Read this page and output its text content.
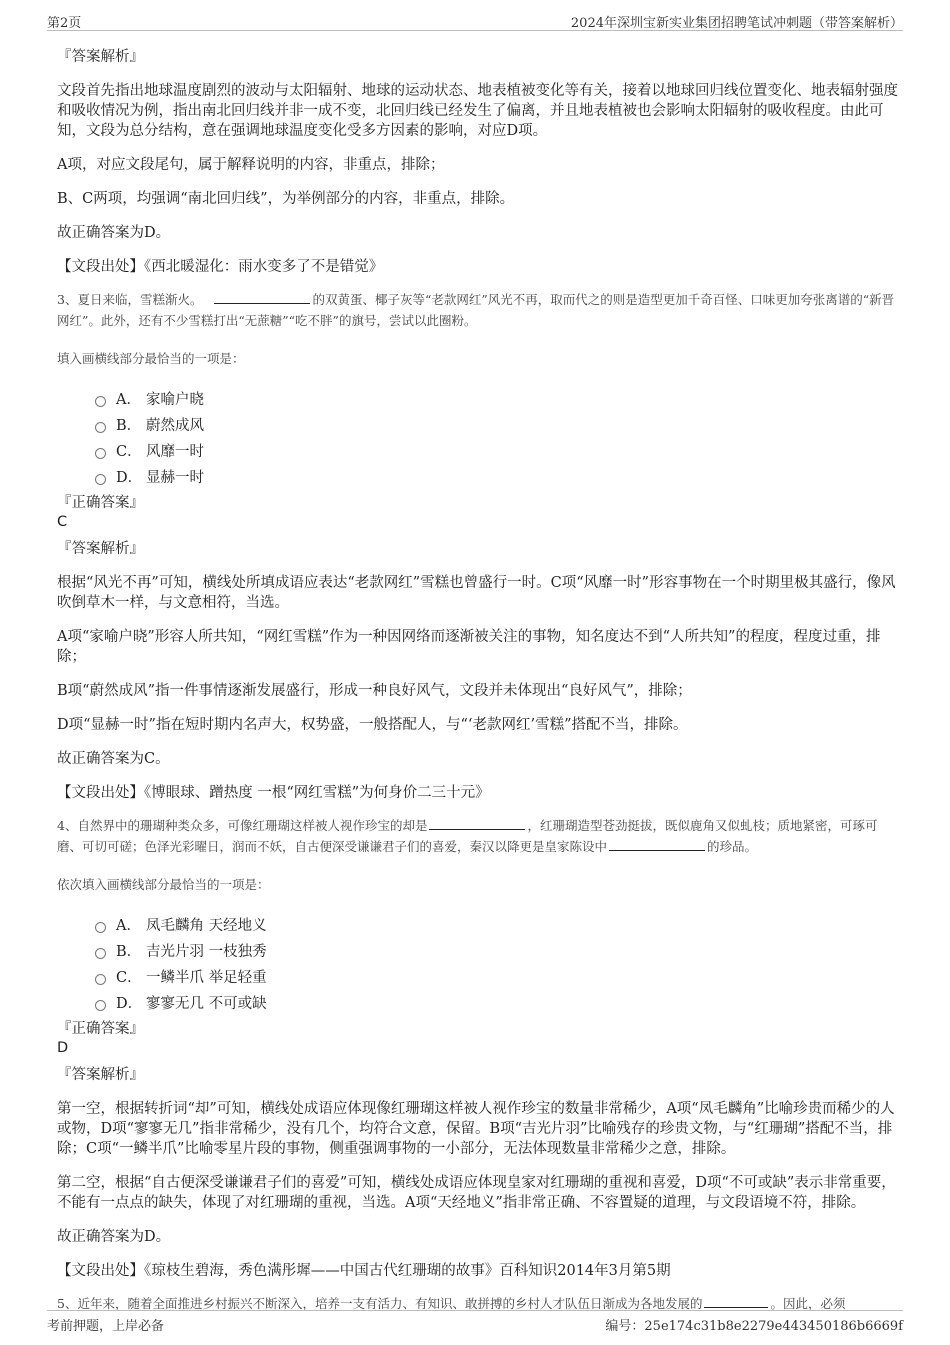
第2页	2024年深圳宝新实业集团招聘笔试冲刺题（带答案解析）
『答案解析』

文段首先指出地球温度剧烈的波动与太阳辐射、地球的运动状态、地表植被变化等有关，接着以地球回归线位置变化、地表辐射强度和吸收情况为例，指出南北回归线并非一成不变，北回归线已经发生了偏离，并且地表植被也会影响太阳辐射的吸收程度。由此可知，文段为总分结构，意在强调地球温度变化受多方因素的影响，对应D项。

A项，对应文段尾句，属于解释说明的内容，非重点，排除；

B、C两项，均强调“南北回归线”，为举例部分的内容，非重点，排除。

故正确答案为D。

【文段出处】《西北暖湿化：雨水变多了不是错觉》

3、夏日来临，雪糕渐火。	的双黄蛋、椰子灰等“老款网红”风光不再，取而代之的则是造型更加千奇百怪、口味更加夸张离谱的“新晋网红”。此外，还有不少雪糕打出“无蔗糖”“吃不胖”的旗号，尝试以此圈粉。

填入画横线部分最恰当的一项是：

A． 家喻户晓
B． 蔚然成风
C． 风靡一时
D． 显赫一时
『正确答案』
C
『答案解析』

根据“风光不再”可知，横线处所填成语应表达“老款网红”雪糕也曾盛行一时。C项“风靡一时”形容事物在一个时期里极其盛行，像风吹倒草木一样，与文意相符，当选。

A项“家喻户晓”形容人所共知，“网红雪糕”作为一种因网络而逐渐被关注的事物，知名度达不到“人所共知”的程度，程度过重，排除；

B项“蔚然成风”指一件事情逐渐发展盛行，形成一种良好风气，文段并未体现出“良好风气”，排除；

D项“显赫一时”指在短时期内名声大，权势盛，一般搭配人，与“‘老款网红’雪糕”搭配不当，排除。

故正确答案为C。

【文段出处】《博眼球、蹭热度 一根“网红雪糕”为何身价二三十元》

4、自然界中的珊瑚种类众多，可像红珊瑚这样被人视作珍宝的却是	，红珊瑚造型苍劲挺拔，既似鹿角又似虬枝；质地紧密，可琢可磨、可切可磋；色泽光彩曜日，润而不妖，自古便深受谦谦君子们的喜爱，秦汉以降更是皇家陈设中	的珍品。

依次填入画横线部分最恰当的一项是：

A． 凤毛麟角 天经地义
B． 吉光片羽 一枝独秀
C． 一鳞半爪 举足轻重
D． 寥寥无几 不可或缺
『正确答案』
D
『答案解析』

第一空，根据转折词“却”可知，横线处成语应体现像红珊瑚这样被人视作珍宝的数量非常稀少，A项“凤毛麟角”比喻珍贵而稀少的人或物，D项“寥寥无几”指非常稀少，没有几个，均符合文意，保留。B项“吉光片羽”比喻残存的珍贵文物，与“红珊瑚”搭配不当，排除；C项“一鳞半爪”比喻零星片段的事物，侧重强调事物的一小部分，无法体现数量非常稀少之意，排除。

第二空，根据“自古便深受谦谦君子们的喜爱”可知，横线处成语应体现皇家对红珊瑚的重视和喜爱，D项“不可或缺”表示非常重要，不能有一点点的缺失，体现了对红珊瑚的重视，当选。A项“天经地义”指非常正确、不容置疑的道理，与文段语境不符，排除。

故正确答案为D。

【文段出处】《琼枝生碧海，秀色满彤墀——中国古代红珊瑚的故事》百科知识2014年3月第5期

5、近年来，随着全面推进乡村振兴不断深入，培养一支有活力、有知识、敢拼搏的乡村人才队伍日渐成为各地发展的	。因此，必须

考前押题，上岸必备	编号：25e174c31b8e2279e443450186b6669f
